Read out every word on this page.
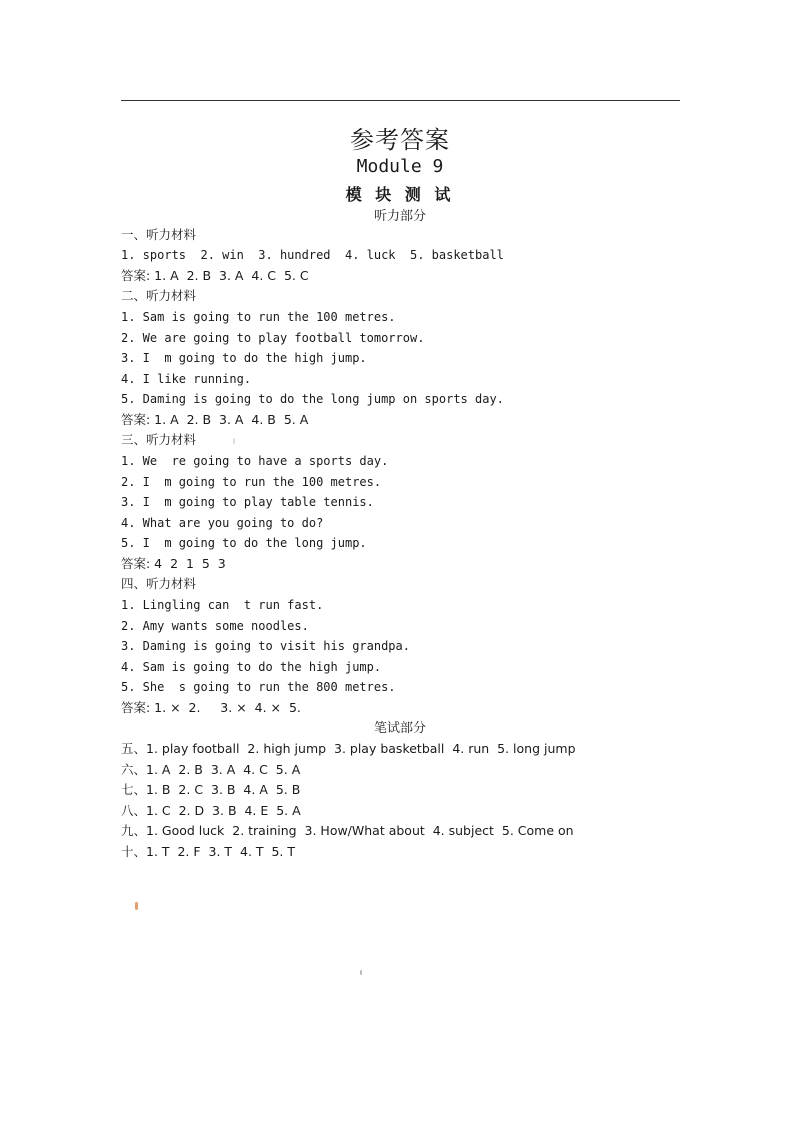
参考答案
Module 9
模 块 测 试
听力部分
一、听力材料
1. sports  2. win  3. hundred  4. luck  5. basketball
答案: 1. A  2. B  3. A  4. C  5. C
二、听力材料
1. Sam is going to run the 100 metres.
2. We are going to play football tomorrow.
3. I  m going to do the high jump.
4. I like running.
5. Daming is going to do the long jump on sports day.
答案: 1. A  2. B  3. A  4. B  5. A
三、听力材料
1. We  re going to have a sports day.
2. I  m going to run the 100 metres.
3. I  m going to play table tennis.
4. What are you going to do?
5. I  m going to do the long jump.
答案: 4  2  1  5  3
四、听力材料
1. Lingling can  t run fast.
2. Amy wants some noodles.
3. Daming is going to visit his grandpa.
4. Sam is going to do the high jump.
5. She  s going to run the 800 metres.
答案: 1. ×  2.     3. ×  4. ×  5.
笔试部分
五、1. play football  2. high jump  3. play basketball  4. run  5. long jump
六、1. A  2. B  3. A  4. C  5. A
七、1. B  2. C  3. B  4. A  5. B
八、1. C  2. D  3. B  4. E  5. A
九、1. Good luck  2. training  3. How/What about  4. subject  5. Come on
十、1. T  2. F  3. T  4. T  5. T
